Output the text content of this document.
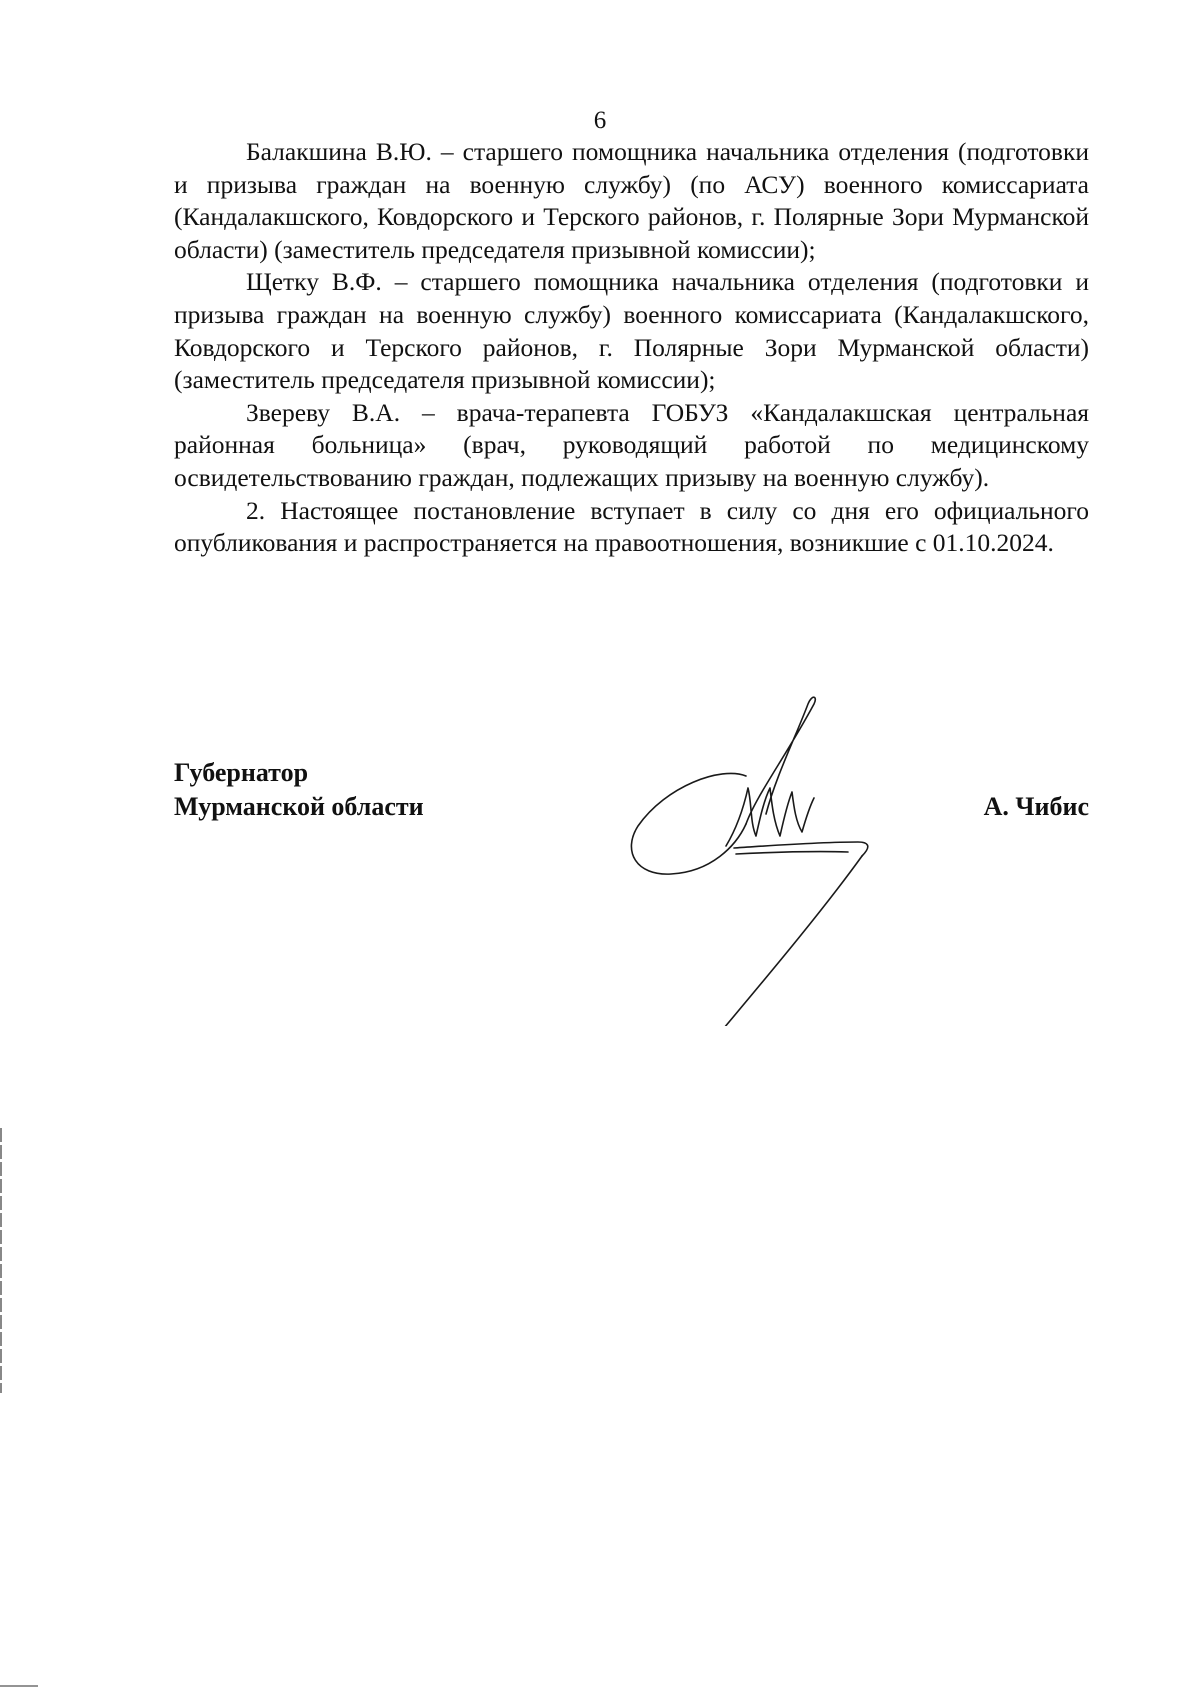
6

Балакшина В.Ю. – старшего помощника начальника отделения (подготовки и призыва граждан на военную службу) (по АСУ) военного комиссариата (Кандалакшского, Ковдорского и Терского районов, г. Полярные Зори Мурманской области) (заместитель председателя призывной комиссии);

Щетку В.Ф. – старшего помощника начальника отделения (подготовки и призыва граждан на военную службу) военного комиссариата (Кандалакшского, Ковдорского и Терского районов, г. Полярные Зори Мурманской области) (заместитель председателя призывной комиссии);

Звереву В.А. – врача-терапевта ГОБУЗ «Кандалакшская центральная районная больница» (врач, руководящий работой по медицинскому освидетельствованию граждан, подлежащих призыву на военную службу).

2. Настоящее постановление вступает в силу со дня его официального опубликования и распространяется на правоотношения, возникшие с 01.10.2024.

Губернатор
Мурманской области	А. Чибис
